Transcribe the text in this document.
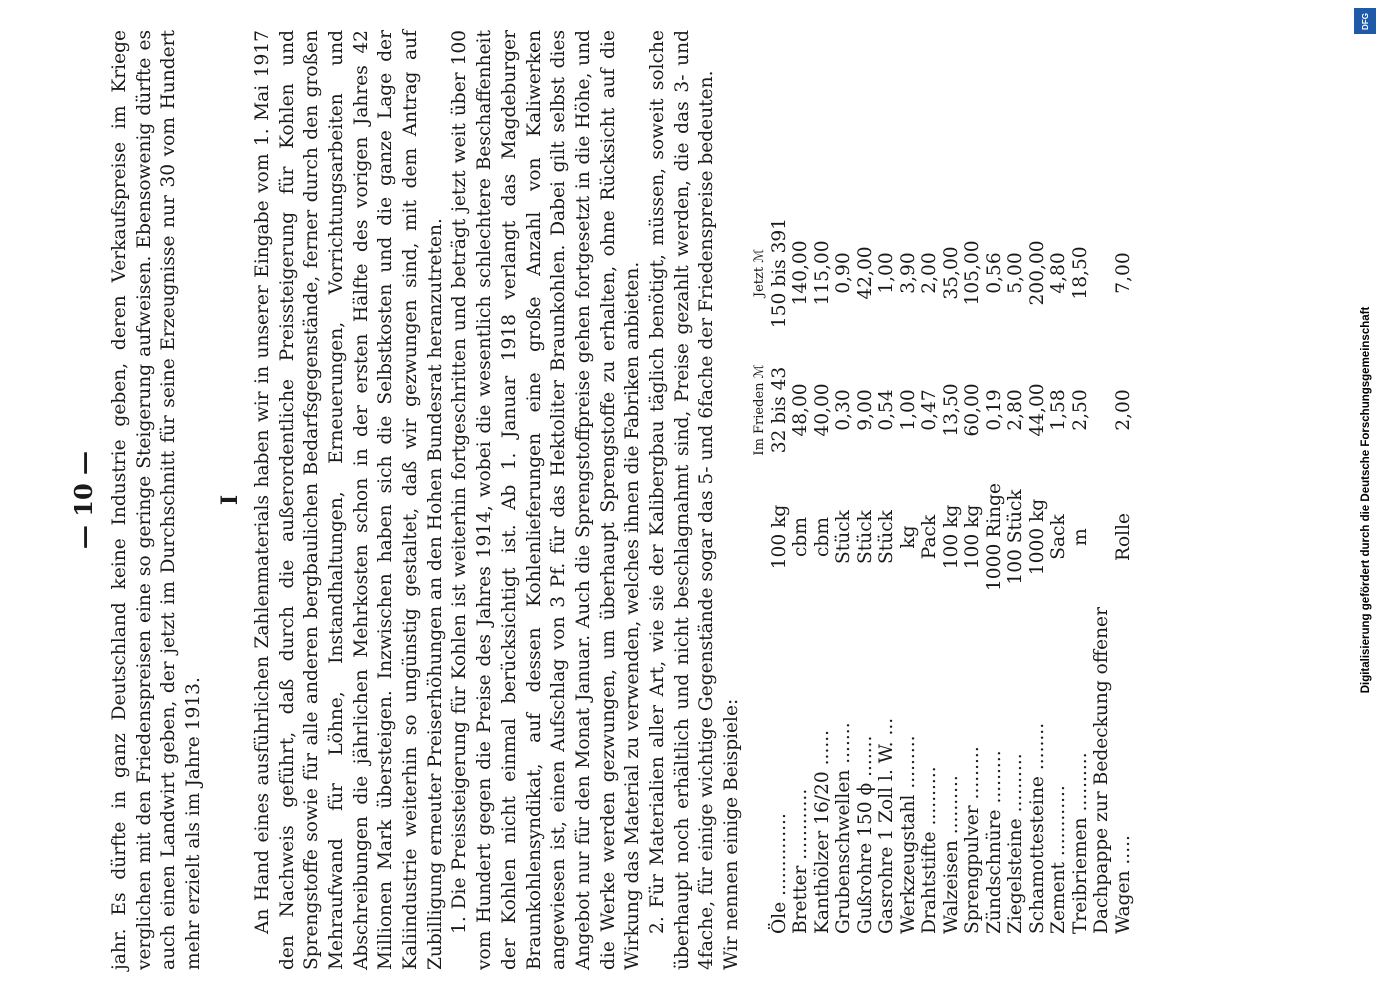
— 10 — jahr. Es dürfte in ganz Deutschland keine Industrie geben, deren Verkaufspreise im Kriege verglichen mit den Friedenspreisen eine so geringe Steigerung aufweisen. Ebensowenig dürfte es auch einen Landwirt geben, der jetzt im Durchschnitt für seine Erzeugnisse nur 30 vom Hundert mehr erzielt als im Jahre 1913.

I An Hand eines ausführlichen Zahlenmaterials haben wir in unserer Eingabe vom 1. Mai 1917 den Nachweis geführt, daß durch die außerordentliche Preissteigerung für Kohlen und Sprengstoffe sowie für alle anderen bergbaulichen Bedarfsgegenstände, ferner durch den großen Mehraufwand für Löhne, Instandhaltungen, Erneuerungen, Vorrichtungsarbeiten und Abschreibungen die jährlichen Mehrkosten schon in der ersten Hälfte des vorigen Jahres 42 Millionen Mark übersteigen. Inzwischen haben sich die Selbstkosten und die ganze Lage der Kaliindustrie weiterhin so ungünstig gestaltet, daß wir gezwungen sind, mit dem Antrag auf Zubilligung erneuter Preiserhöhungen an den Hohen Bundesrat heranzutreten. 1. Die Preissteigerung für Kohlen ist weiterhin fortgeschritten und beträgt jetzt weit über 100 vom Hundert gegen die Preise des Jahres 1914, wobei die wesentlich schlechtere Beschaffenheit der Kohlen nicht einmal berücksichtigt ist. Ab 1. Januar 1918 verlangt das Magdeburger Braunkohlensyndikat, auf dessen Kohlenlieferungen eine große Anzahl von Kaliwerken angewiesen ist, einen Aufschlag von 3 Pf. für das Hektoliter Braunkohlen. Dabei gilt selbst dies Angebot nur für den Monat Januar. Auch die Sprengstoffpreise gehen fortgesetzt in die Höhe, und die Werke werden gezwungen, um überhaupt Sprengstoffe zu erhalten, ohne Rücksicht auf die Wirkung das Material zu verwenden, welches ihnen die Fabriken anbieten. 2. Für Materialien aller Art, wie sie der Kalibergbau täglich benötigt, müssen, soweit solche überhaupt noch erhältlich und nicht beschlagnahmt sind, Preise gezahlt werden, die das 3- und 4fache, für einige wichtige Gegenstände sogar das 5- und 6fache der Friedenspreise bedeuten. Wir nennen einige Beispiele:

		Im Frieden ℳ	Jetzt ℳ
Öle ..............	100 kg	32 bis 43	150 bis 391
Bretter ............	cbm	48,00	140,00
Kanthölzer 16/20 ......	cbm	40,00	115,00
Grubenschwellen .......	Stück	0,30	0,90
Gußrohre 150 ϕ .......	Stück	9,00	42,00
Gasrohre 1 Zoll l. W. ...	Stück	0,54	1,00
Werkzeugstahl .........	kg	1,00	3,90
Drahtstifte ..........	Pack	0,47	2,00
Walzeisen ..........	100 kg	13,50	35,00
Sprengpulver .........	100 kg	60,00	105,00
Zündschnüre .........	1000 Ringe	0,19	0,56
Ziegelsteine ..........	100 Stück	2,80	5,00
Schamottesteine ........	1000 kg	44,00	200,00
Zement ............	Sack	1,58	4,80
Treibriemen ..........	m	2,50	18,50
Dachpappe zur Bedeckung offener Wagen .....	Rolle	2,00	7,00
DFG
Digitalisierung gefördert durch die Deutsche Forschungsgemeinschaft
